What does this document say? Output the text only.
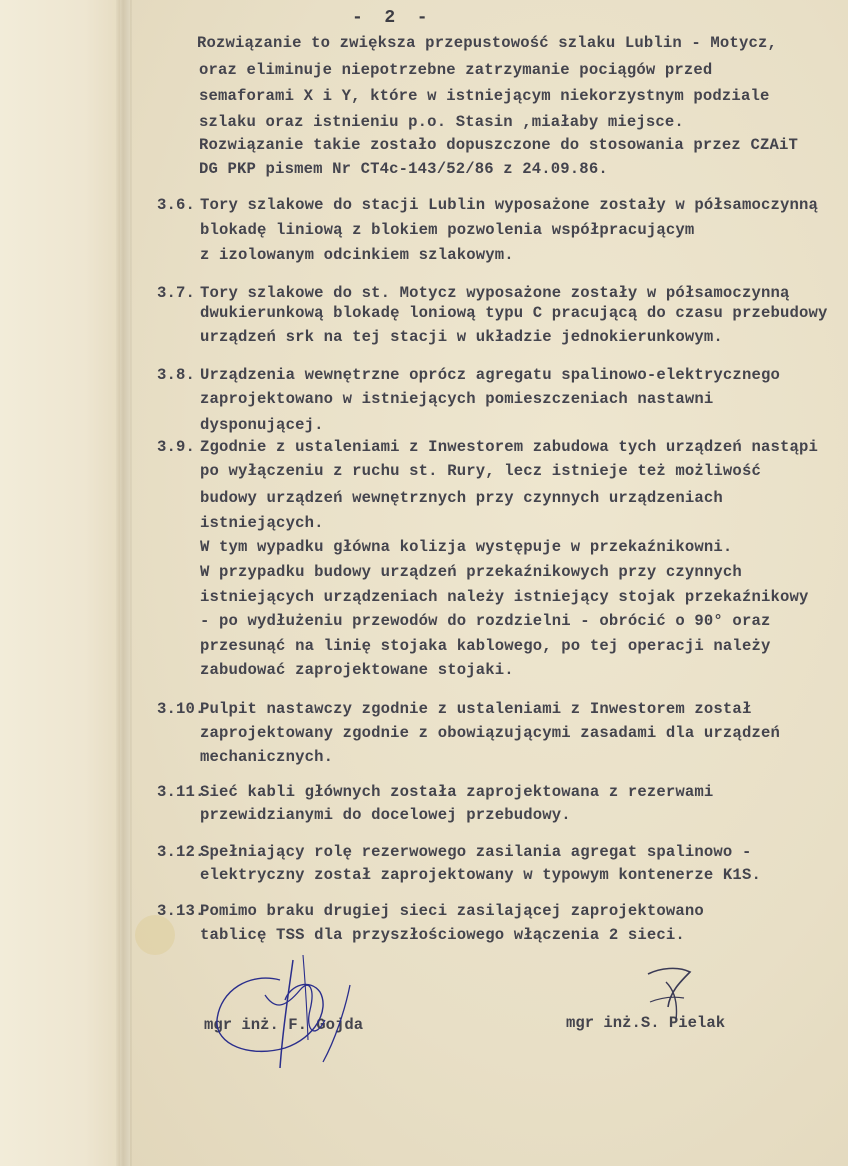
-  2  -
Rozwiązanie to zwiększa przepustowość szlaku Lublin - Motycz,
oraz eliminuje niepotrzebne zatrzymanie pociągów przed
semaforami X i Y, które w istniejącym niekorzystnym podziale
szlaku oraz istnieniu p.o. Stasin ,miałaby miejsce.
Rozwiązanie takie zostało dopuszczone do stosowania przez CZAiT
DG PKP pismem Nr CT4c-143/52/86 z 24.09.86.
3.6. Tory szlakowe do stacji Lublin wyposażone zostały w półsamoczynną
blokadę liniową z blokiem pozwolenia współpracującym
z izolowanym odcinkiem szlakowym.
3.7. Tory szlakowe do st. Motycz wyposażone zostały w półsamoczynną
dwukierunkową blokadę loniową typu C pracującą do czasu przebudowy
urządzeń srk na tej stacji w układzie jednokierunkowym.
3.8. Urządzenia wewnętrzne oprócz agregatu spalinowo-elektrycznego
zaprojektowano w istniejących pomieszczeniach nastawni
dysponującej.
3.9. Zgodnie z ustaleniami z Inwestorem zabudowa tych urządzeń nastąpi
po wyłączeniu z ruchu st. Rury, lecz istnieje też możliwość
budowy urządzeń wewnętrznych przy czynnych urządzeniach
istniejących.
W tym wypadku główna kolizja występuje w przekaźnikowni.
W przypadku budowy urządzeń przekaźnikowych przy czynnych
istniejących urządzeniach należy istniejący stojak przekaźnikowy
- po wydłużeniu przewodów do rozdzielni - obrócić o 90° oraz
przesunąć na linię stojaka kablowego, po tej operacji należy
zabudować zaprojektowane stojaki.
3.10.
Pulpit nastawczy zgodnie z ustaleniami z Inwestorem został
zaprojektowany zgodnie z obowiązującymi zasadami dla urządzeń
mechanicznych.
3.11.
Sieć kabli głównych została zaprojektowana z rezerwami
przewidzianymi do docelowej przebudowy.
3.12.
Spełniający rolę rezerwowego zasilania agregat spalinowo -
elektryczny został zaprojektowany w typowym kontenerze K1S.
3.13.
Pomimo braku drugiej sieci zasilającej zaprojektowano
tablicę TSS dla przyszłościowego włączenia 2 sieci.
mgr inż. F. Gojda	mgr inż.S. Pielak
